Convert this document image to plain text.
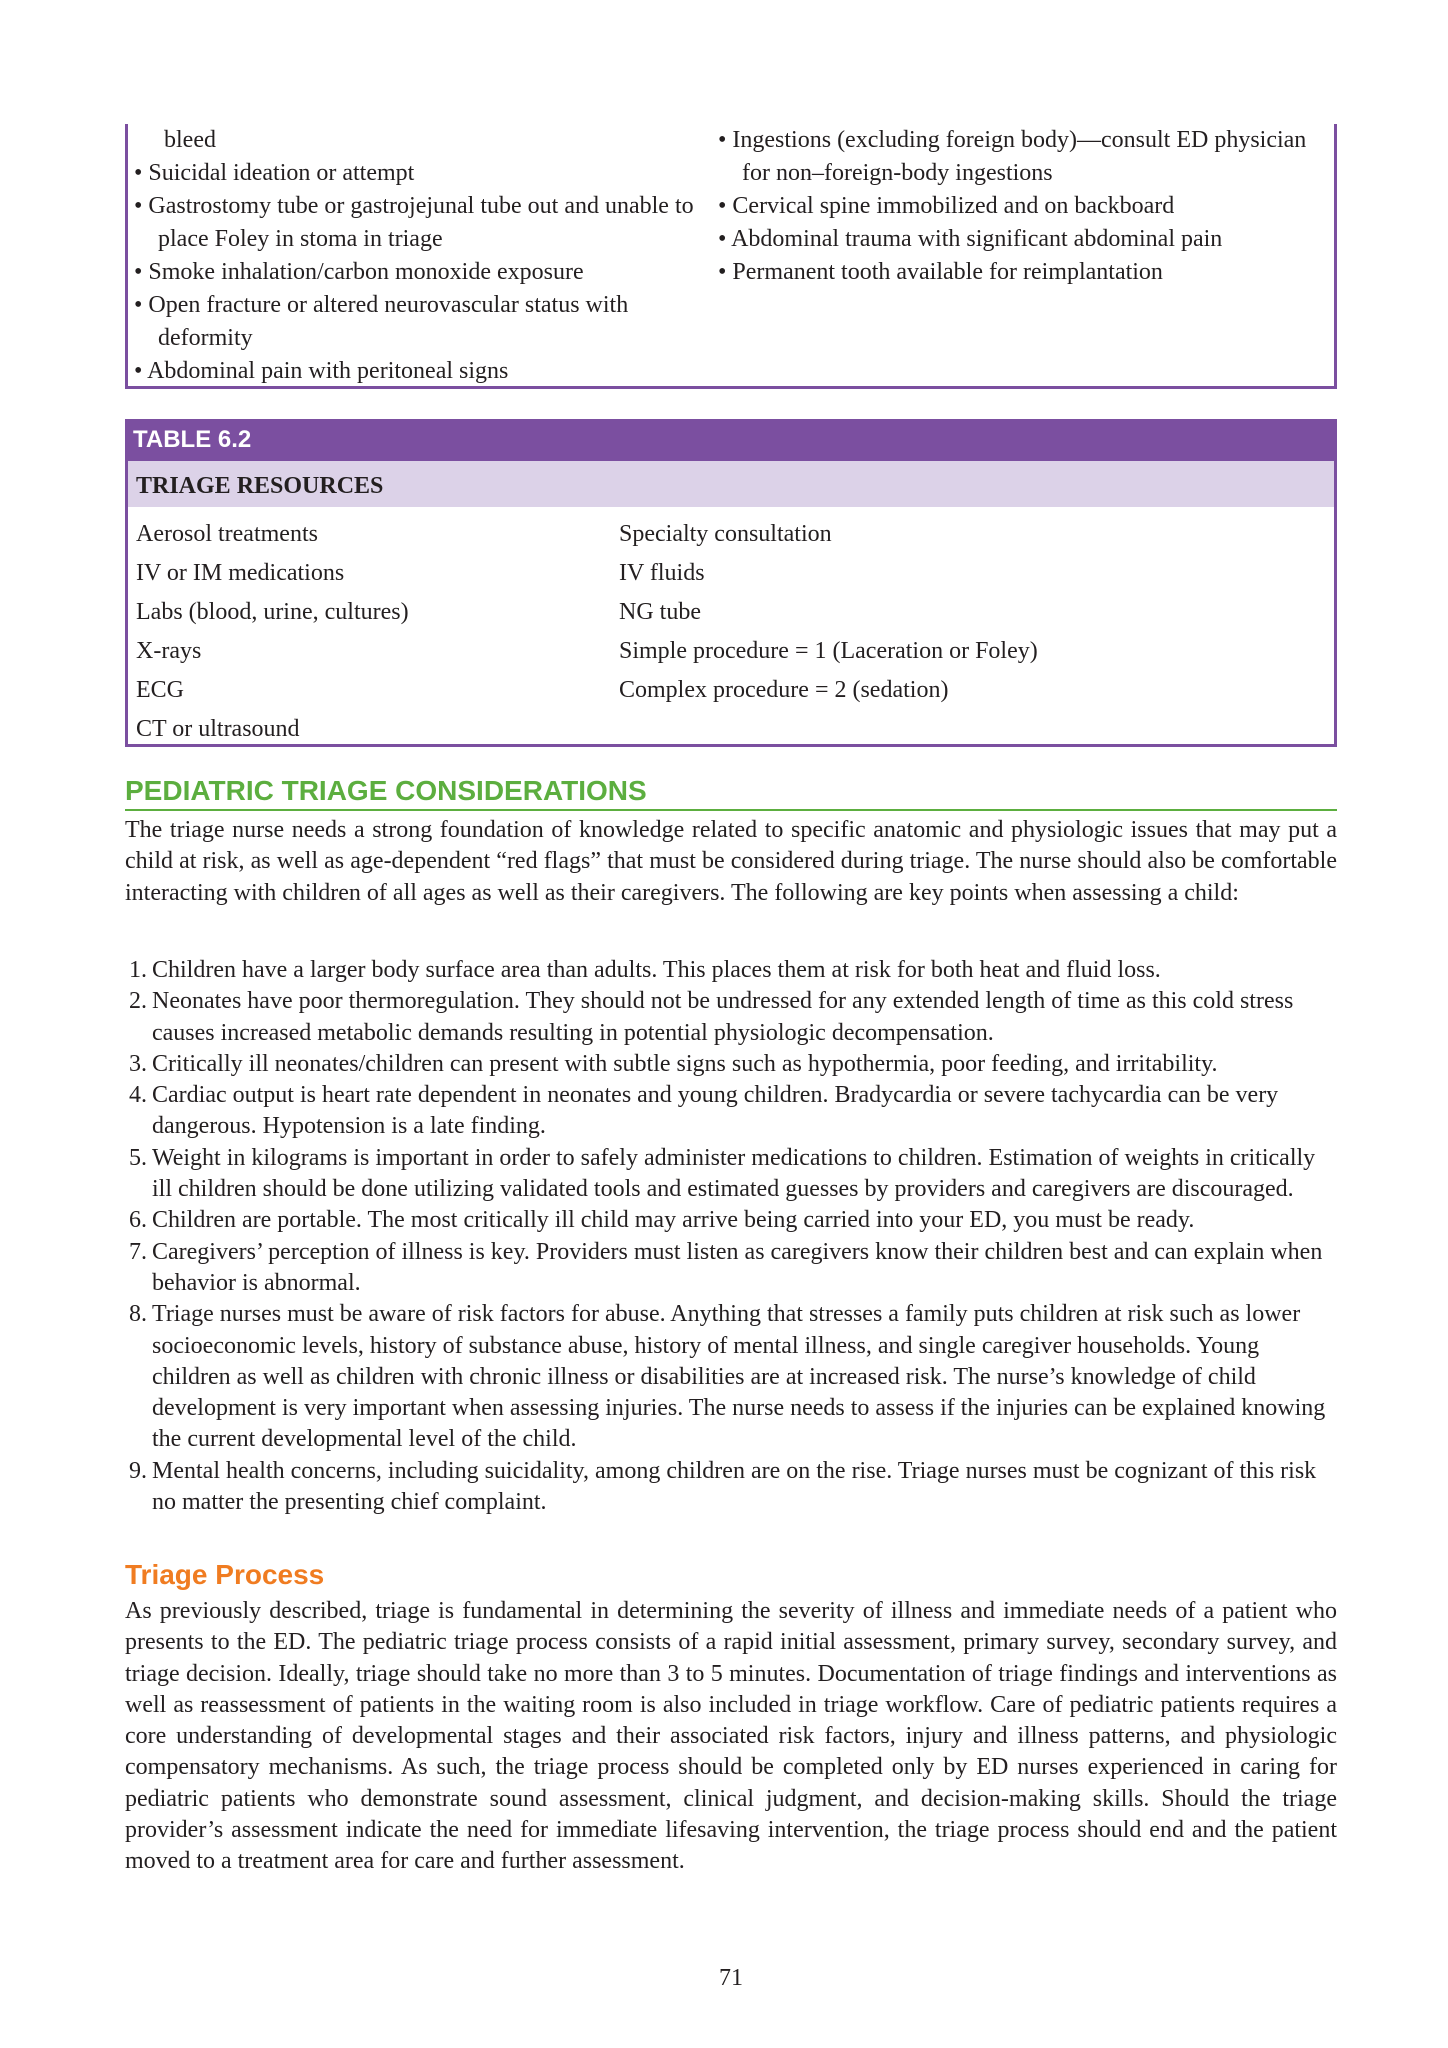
bleed

• Suicidal ideation or attempt

• Gastrostomy tube or gastrojejunal tube out and unable to place Foley in stoma in triage

• Smoke inhalation/carbon monoxide exposure

• Open fracture or altered neurovascular status with deformity

• Abdominal pain with peritoneal signs

• Ingestions (excluding foreign body)—consult ED physician for non–foreign-body ingestions

• Cervical spine immobilized and on backboard

• Abdominal trauma with significant abdominal pain

• Permanent tooth available for reimplantation

TABLE 6.2
TRIAGE RESOURCES
Aerosol treatments
IV or IM medications
Labs (blood, urine, cultures)
X-rays
ECG
CT or ultrasound
Specialty consultation
IV fluids
NG tube
Simple procedure = 1 (Laceration or Foley)
Complex procedure = 2 (sedation)
PEDIATRIC TRIAGE CONSIDERATIONS

The triage nurse needs a strong foundation of knowledge related to specific anatomic and physiologic issues that may put a child at risk, as well as age-dependent “red flags” that must be considered during triage. The nurse should also be comfortable interacting with children of all ages as well as their caregivers. The following are key points when assessing a child:

1. Children have a larger body surface area than adults. This places them at risk for both heat and fluid loss.
2. Neonates have poor thermoregulation. They should not be undressed for any extended length of time as this cold stress causes increased metabolic demands resulting in potential physiologic decompensation.
3. Critically ill neonates/children can present with subtle signs such as hypothermia, poor feeding, and irritability.
4. Cardiac output is heart rate dependent in neonates and young children. Bradycardia or severe tachycardia can be very dangerous. Hypotension is a late finding.
5. Weight in kilograms is important in order to safely administer medications to children. Estimation of weights in critically ill children should be done utilizing validated tools and estimated guesses by providers and caregivers are discouraged.
6. Children are portable. The most critically ill child may arrive being carried into your ED, you must be ready.
7. Caregivers’ perception of illness is key. Providers must listen as caregivers know their children best and can explain when behavior is abnormal.
8. Triage nurses must be aware of risk factors for abuse. Anything that stresses a family puts children at risk such as lower socioeconomic levels, history of substance abuse, history of mental illness, and single caregiver households. Young children as well as children with chronic illness or disabilities are at increased risk. The nurse’s knowledge of child development is very important when assessing injuries. The nurse needs to assess if the injuries can be explained knowing the current developmental level of the child.
9. Mental health concerns, including suicidality, among children are on the rise. Triage nurses must be cognizant of this risk no matter the presenting chief complaint.
Triage Process

As previously described, triage is fundamental in determining the severity of illness and immediate needs of a patient who presents to the ED. The pediatric triage process consists of a rapid initial assessment, primary survey, secondary survey, and triage decision. Ideally, triage should take no more than 3 to 5 minutes. Documentation of triage findings and interventions as well as reassessment of patients in the waiting room is also included in triage workflow. Care of pediatric patients requires a core understanding of developmental stages and their associated risk factors, injury and illness patterns, and physiologic compensatory mechanisms. As such, the triage process should be completed only by ED nurses experienced in caring for pediatric patients who demonstrate sound assessment, clinical judgment, and decision-making skills. Should the triage provider’s assessment indicate the need for immediate lifesaving intervention, the triage process should end and the patient moved to a treatment area for care and further assessment.

71
